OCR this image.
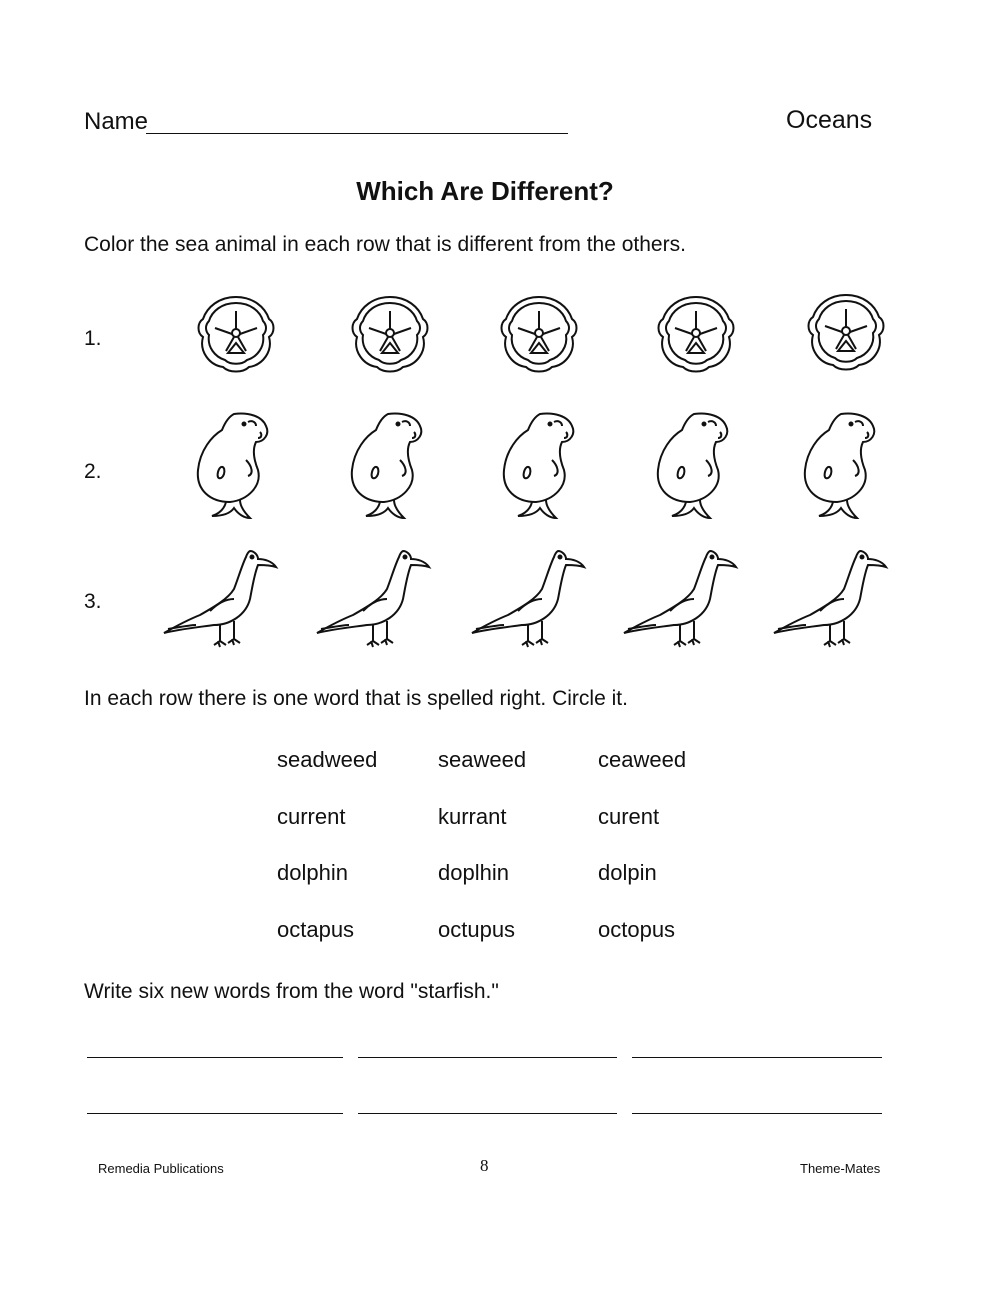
Name	Oceans
Which Are Different?
Color the sea animal in each row that is different from the others.
1.
2.
3.
In each row there is one word that is spelled right. Circle it.
seadweed	seaweed	ceaweed
current	kurrant	curent
dolphin	doplhin	dolpin
octapus	octupus	octopus
Write six new words from the word "starfish."
Remedia Publications	8	Theme-Mates
